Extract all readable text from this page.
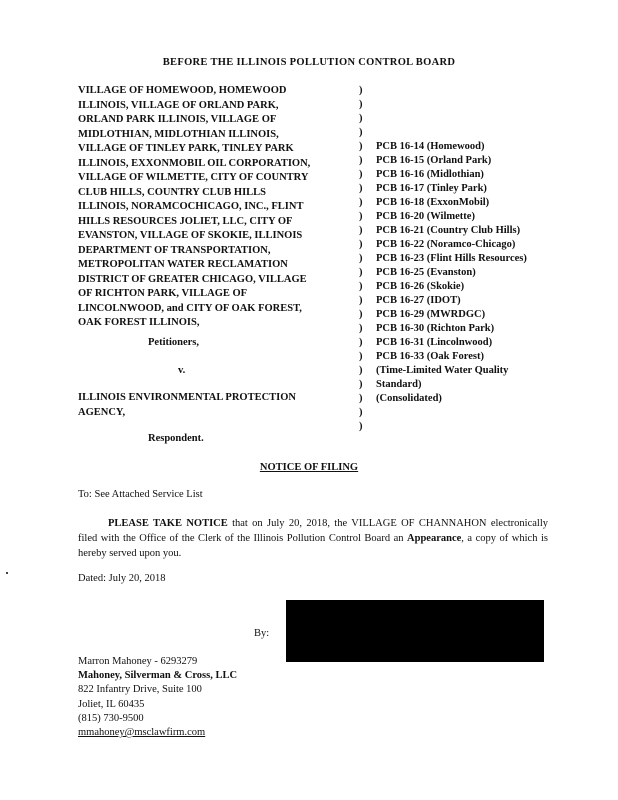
BEFORE THE ILLINOIS POLLUTION CONTROL BOARD
VILLAGE OF HOMEWOOD, HOMEWOOD
ILLINOIS, VILLAGE OF ORLAND PARK,
ORLAND PARK ILLINOIS, VILLAGE OF
MIDLOTHIAN, MIDLOTHIAN ILLINOIS,
VILLAGE OF TINLEY PARK, TINLEY PARK
ILLINOIS, EXXONMOBIL OIL CORPORATION,
VILLAGE OF WILMETTE, CITY OF COUNTRY
CLUB HILLS, COUNTRY CLUB HILLS
ILLINOIS, NORAMCOCHICAGO, INC., FLINT
HILLS RESOURCES JOLIET, LLC, CITY OF
EVANSTON, VILLAGE OF SKOKIE, ILLINOIS
DEPARTMENT OF TRANSPORTATION,
METROPOLITAN WATER RECLAMATION
DISTRICT OF GREATER CHICAGO, VILLAGE
OF RICHTON PARK, VILLAGE OF
LINCOLNWOOD, and CITY OF OAK FOREST,
OAK FOREST ILLINOIS,
)
)
)
)
)
)
)
)
)
)
)
)
)
)
)
)
)
)
)
)
)
)
)
)
)
PCB 16-14 (Homewood)
PCB 16-15 (Orland Park)
PCB 16-16 (Midlothian)
PCB 16-17 (Tinley Park)
PCB 16-18 (ExxonMobil)
PCB 16-20 (Wilmette)
PCB 16-21 (Country Club Hills)
PCB 16-22 (Noramco-Chicago)
PCB 16-23 (Flint Hills Resources)
PCB 16-25 (Evanston)
PCB 16-26 (Skokie)
PCB 16-27 (IDOT)
PCB 16-29 (MWRDGC)
PCB 16-30 (Richton Park)
PCB 16-31 (Lincolnwood)
PCB 16-33 (Oak Forest)
(Time-Limited Water Quality
Standard)
(Consolidated)
Petitioners,
v.
ILLINOIS ENVIRONMENTAL PROTECTION
AGENCY,
Respondent.
NOTICE OF FILING
To: See Attached Service List
PLEASE TAKE NOTICE that on July 20, 2018, the VILLAGE OF CHANNAHON electronically filed with the Office of the Clerk of the Illinois Pollution Control Board an Appearance, a copy of which is hereby served upon you.
Dated: July 20, 2018
By:
Marron Mahoney - 6293279
Mahoney, Silverman & Cross, LLC
822 Infantry Drive, Suite 100
Joliet, IL 60435
(815) 730-9500
mmahoney@msclawfirm.com
